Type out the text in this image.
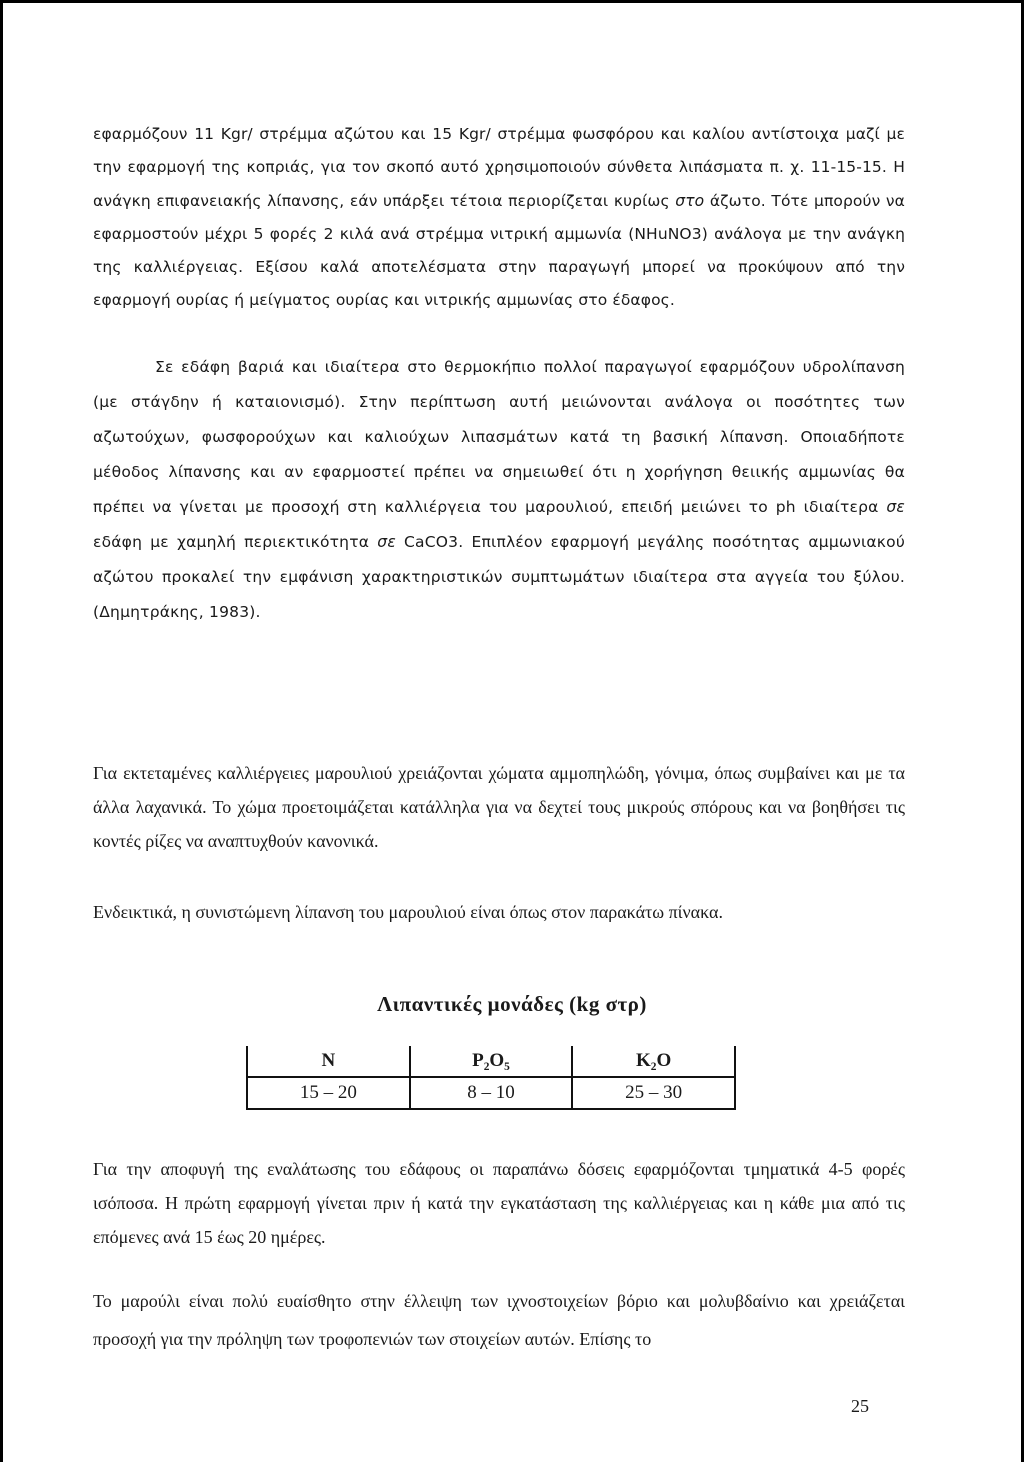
εφαρμόζουν 11 Kgr/ στρέμμα αζώτου και 15 Kgr/ στρέμμα φωσφόρου και καλίου αντίστοιχα μαζί με την εφαρμογή της κοπριάς, για τον σκοπό αυτό χρησιμοποιούν σύνθετα λιπάσματα π. χ. 11-15-15. Η ανάγκη επιφανειακής λίπανσης, εάν υπάρξει τέτοια περιορίζεται κυρίως στο άζωτο. Τότε μπορούν να εφαρμοστούν μέχρι 5 φορές 2 κιλά ανά στρέμμα νιτρική αμμωνία (NHuNO3) ανάλογα με την ανάγκη της καλλιέργειας. Εξίσου καλά αποτελέσματα στην παραγωγή μπορεί να προκύψουν από την εφαρμογή ουρίας ή μείγματος ουρίας και νιτρικής αμμωνίας στο έδαφος.

Σε εδάφη βαριά και ιδιαίτερα στο θερμοκήπιο πολλοί παραγωγοί εφαρμόζουν υδρολίπανση (με στάγδην ή καταιονισμό). Στην περίπτωση αυτή μειώνονται ανάλογα οι ποσότητες των αζωτούχων, φωσφορούχων και καλιούχων λιπασμάτων κατά τη βασική λίπανση. Οποιαδήποτε μέθοδος λίπανσης και αν εφαρμοστεί πρέπει να σημειωθεί ότι η χορήγηση θειικής αμμωνίας θα πρέπει να γίνεται με προσοχή στη καλλιέργεια του μαρουλιού, επειδή μειώνει το ph ιδιαίτερα σε εδάφη με χαμηλή περιεκτικότητα σε CaCO3. Επιπλέον εφαρμογή μεγάλης ποσότητας αμμωνιακού αζώτου προκαλεί την εμφάνιση χαρακτηριστικών συμπτωμάτων ιδιαίτερα στα αγγεία του ξύλου. (Δημητράκης, 1983).

Για εκτεταμένες καλλιέργειες μαρουλιού χρειάζονται χώματα αμμοπηλώδη, γόνιμα, όπως συμβαίνει και με τα άλλα λαχανικά. Το χώμα προετοιμάζεται κατάλληλα για να δεχτεί τους μικρούς σπόρους και να βοηθήσει τις κοντές ρίζες να αναπτυχθούν κανονικά.

Ενδεικτικά, η συνιστώμενη λίπανση του μαρουλιού είναι όπως στον παρακάτω πίνακα.

Λιπαντικές μονάδες (kg στρ)
N	P₂O₅	K₂O
15 – 20	8 – 10	25 – 30

Για την αποφυγή της εναλάτωσης του εδάφους οι παραπάνω δόσεις εφαρμόζονται τμηματικά 4-5 φορές ισόποσα. Η πρώτη εφαρμογή γίνεται πριν ή κατά την εγκατάσταση της καλλιέργειας και η κάθε μια από τις επόμενες ανά 15 έως 20 ημέρες.

Το μαρούλι είναι πολύ ευαίσθητο στην έλλειψη των ιχνοστοιχείων βόριο και μολυβδαίνιο και χρειάζεται προσοχή για την πρόληψη των τροφοπενιών των στοιχείων αυτών. Επίσης το

25
